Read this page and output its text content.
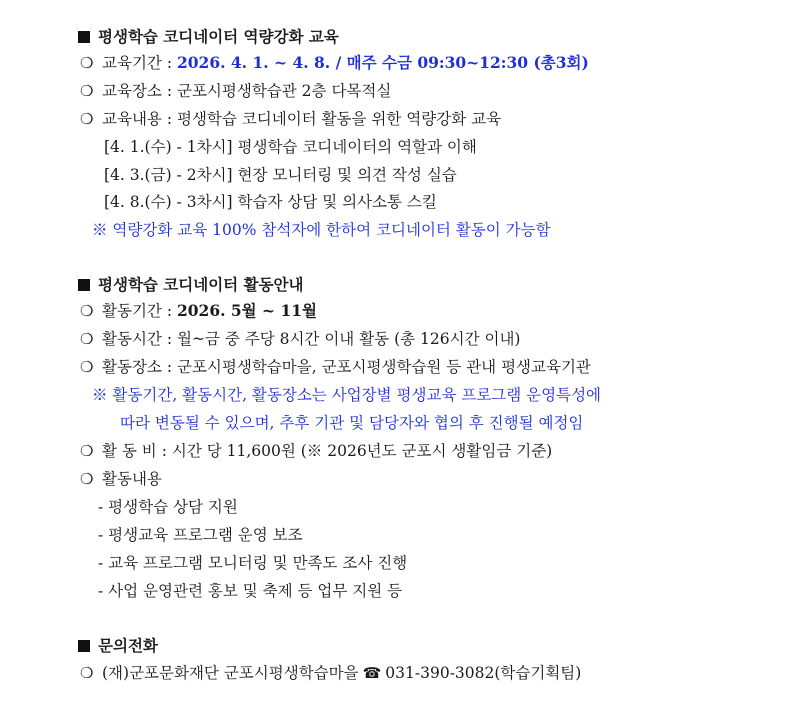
평생학습 코디네이터 역량강화 교육
❍ 교육기간 : 2026. 4. 1. ~ 4. 8. / 매주 수금 09:30~12:30 (총3회)
❍ 교육장소 : 군포시평생학습관 2층 다목적실
❍ 교육내용 : 평생학습 코디네이터 활동을 위한 역량강화 교육
[4. 1.(수) - 1차시] 평생학습 코디네이터의 역할과 이해
[4. 3.(금) - 2차시] 현장 모니터링 및 의견 작성 실습
[4. 8.(수) - 3차시] 학습자 상담 및 의사소통 스킬
※ 역량강화 교육 100% 참석자에 한하여 코디네이터 활동이 가능함
평생학습 코디네이터 활동안내
❍ 활동기간 : 2026. 5월 ~ 11월
❍ 활동시간 : 월~금 중 주당 8시간 이내 활동 (총 126시간 이내)
❍ 활동장소 : 군포시평생학습마을, 군포시평생학습원 등 관내 평생교육기관
※ 활동기간, 활동시간, 활동장소는 사업장별 평생교육 프로그램 운영특성에
따라 변동될 수 있으며, 추후 기관 및 담당자와 협의 후 진행될 예정임
❍ 활 동 비 : 시간 당 11,600원 (※ 2026년도 군포시 생활임금 기준)
❍ 활동내용
- 평생학습 상담 지원
- 평생교육 프로그램 운영 보조
- 교육 프로그램 모니터링 및 만족도 조사 진행
- 사업 운영관련 홍보 및 축제 등 업무 지원 등
문의전화
❍ (재)군포문화재단 군포시평생학습마을 ☎ 031-390-3082(학습기획팀)
